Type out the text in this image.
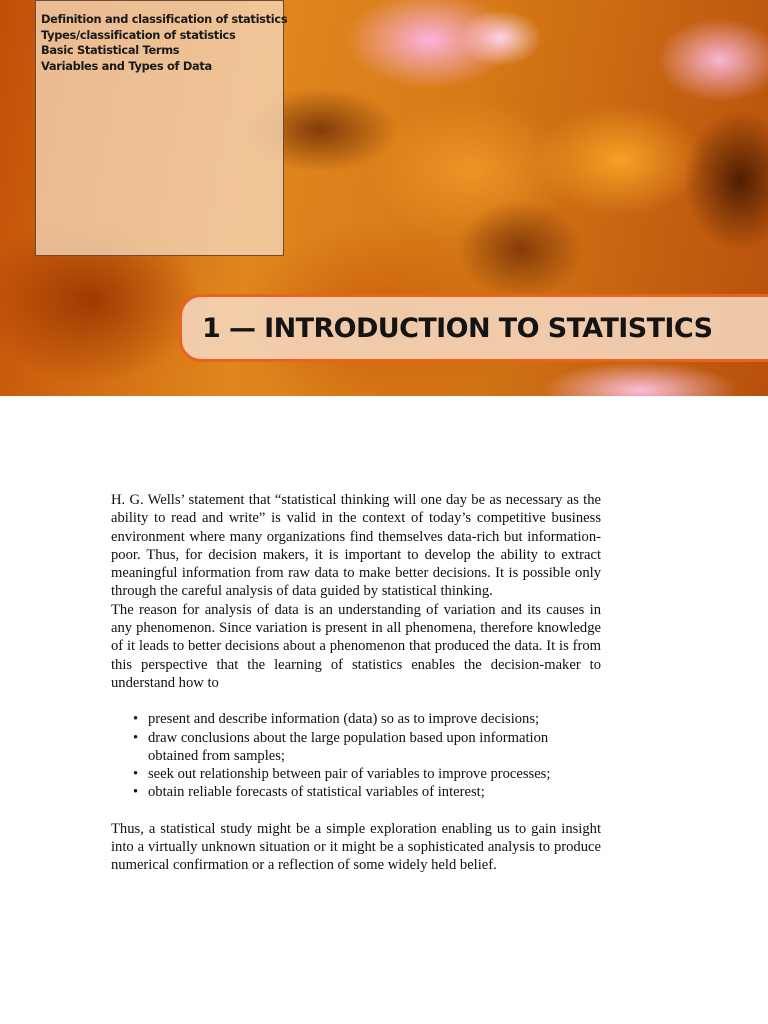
Definition and classification of statistics
Types/classification of statistics
Basic Statistical Terms
Variables and Types of Data
1 — INTRODUCTION TO STATISTICS

H. G. Wells’ statement that “statistical thinking will one day be as necessary as the ability to read and write” is valid in the context of today’s competitive business environment where many organizations find themselves data-rich but information-poor. Thus, for decision makers, it is important to develop the ability to extract meaningful information from raw data to make better decisions. It is possible only through the careful analysis of data guided by statistical thinking.

The reason for analysis of data is an understanding of variation and its causes in any phenomenon. Since variation is present in all phenomena, therefore knowledge of it leads to better decisions about a phenomenon that produced the data. It is from this perspective that the learning of statistics enables the decision-maker to understand how to

• present and describe information (data) so as to improve decisions;
• draw conclusions about the large population based upon information obtained from samples;
• seek out relationship between pair of variables to improve processes;
• obtain reliable forecasts of statistical variables of interest;

Thus, a statistical study might be a simple exploration enabling us to gain insight into a virtually unknown situation or it might be a sophisticated analysis to produce numerical confirmation or a reflection of some widely held belief.
